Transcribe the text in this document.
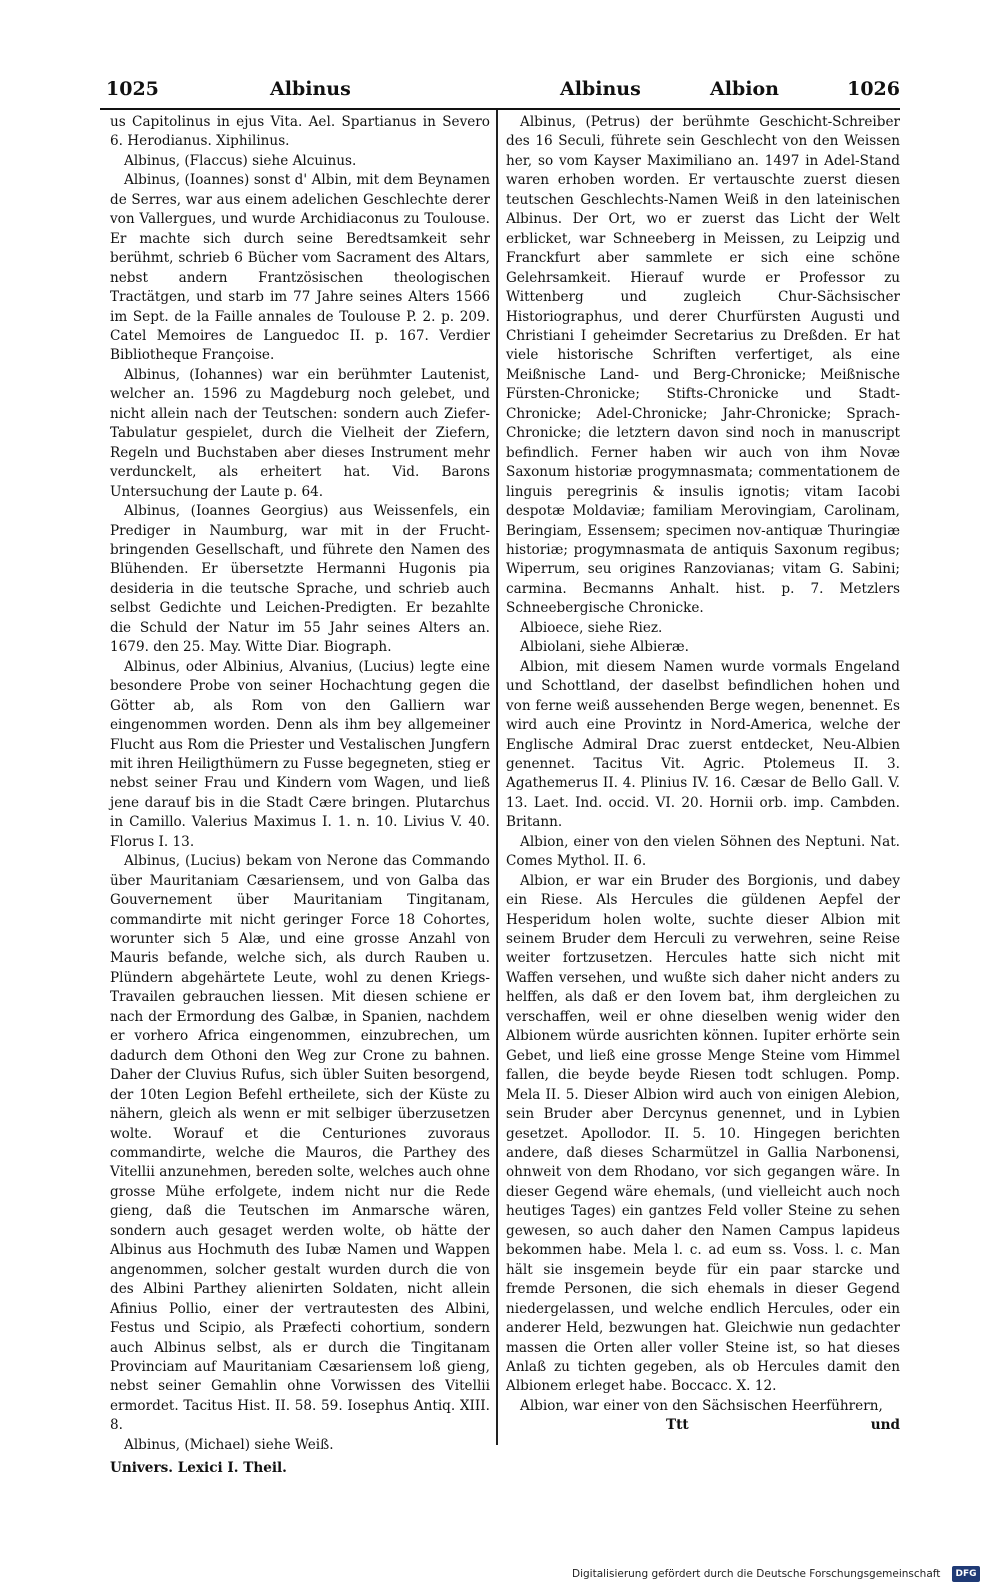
1025	Albinus	Albinus	Albion	1026

us Capitolinus in ejus Vita. Ael. Spartianus in Severo 6. Herodianus. Xiphilinus.

Albinus, (Flaccus) siehe Alcuinus.

Albinus, (Ioannes) sonst d' Albin, mit dem Beynamen de Serres, war aus einem adelichen Geschlechte derer von Vallergues, und wurde Archidiaconus zu Toulouse. Er machte sich durch seine Beredtsamkeit sehr berühmt, schrieb 6 Bücher vom Sacrament des Altars, nebst andern Frantzösischen theologischen Tractätgen, und starb im 77 Jahre seines Alters 1566 im Sept. de la Faille annales de Toulouse P. 2. p. 209. Catel Memoires de Languedoc II. p. 167. Verdier Bibliotheque Françoise.

Albinus, (Iohannes) war ein berühmter Lautenist, welcher an. 1596 zu Magdeburg noch gelebet, und nicht allein nach der Teutschen: sondern auch Ziefer-Tabulatur gespielet, durch die Vielheit der Ziefern, Regeln und Buchstaben aber dieses Instrument mehr verdunckelt, als erheitert hat. Vid. Barons Untersuchung der Laute p. 64.

Albinus, (Ioannes Georgius) aus Weissenfels, ein Prediger in Naumburg, war mit in der Frucht-bringenden Gesellschaft, und führete den Namen des Blühenden. Er übersetzte Hermanni Hugonis pia desideria in die teutsche Sprache, und schrieb auch selbst Gedichte und Leichen-Predigten. Er bezahlte die Schuld der Natur im 55 Jahr seines Alters an. 1679. den 25. May. Witte Diar. Biograph.

Albinus, oder Albinius, Alvanius, (Lucius) legte eine besondere Probe von seiner Hochachtung gegen die Götter ab, als Rom von den Galliern war eingenommen worden. Denn als ihm bey allgemeiner Flucht aus Rom die Priester und Vestalischen Jungfern mit ihren Heiligthümern zu Fusse begegneten, stieg er nebst seiner Frau und Kindern vom Wagen, und ließ jene darauf bis in die Stadt Cære bringen. Plutarchus in Camillo. Valerius Maximus I. 1. n. 10. Livius V. 40. Florus I. 13.

Albinus, (Lucius) bekam von Nerone das Commando über Mauritaniam Cæsariensem, und von Galba das Gouvernement über Mauritaniam Tingitanam, commandirte mit nicht geringer Force 18 Cohortes, worunter sich 5 Alæ, und eine grosse Anzahl von Mauris befande, welche sich, als durch Rauben u. Plündern abgehärtete Leute, wohl zu denen Kriegs-Travailen gebrauchen liessen. Mit diesen schiene er nach der Ermordung des Galbæ, in Spanien, nachdem er vorhero Africa eingenommen, einzubrechen, um dadurch dem Othoni den Weg zur Crone zu bahnen. Daher der Cluvius Rufus, sich übler Suiten besorgend, der 10ten Legion Befehl ertheilete, sich der Küste zu nähern, gleich als wenn er mit selbiger überzusetzen wolte. Worauf et die Centuriones zuvoraus commandirte, welche die Mauros, die Parthey des Vitellii anzunehmen, bereden solte, welches auch ohne grosse Mühe erfolgete, indem nicht nur die Rede gieng, daß die Teutschen im Anmarsche wären, sondern auch gesaget werden wolte, ob hätte der Albinus aus Hochmuth des Iubæ Namen und Wappen angenommen, solcher gestalt wurden durch die von des Albini Parthey alienirten Soldaten, nicht allein Afinius Pollio, einer der vertrautesten des Albini, Festus und Scipio, als Præfecti cohortium, sondern auch Albinus selbst, als er durch die Tingitanam Provinciam auf Mauritaniam Cæsariensem loß gieng, nebst seiner Gemahlin ohne Vorwissen des Vitellii ermordet. Tacitus Hist. II. 58. 59. Iosephus Antiq. XIII. 8.

Albinus, (Michael) siehe Weiß.

Univers. Lexici I. Theil.

Albinus, (Petrus) der berühmte Geschicht-Schreiber des 16 Seculi, führete sein Geschlecht von den Weissen her, so vom Kayser Maximiliano an. 1497 in Adel-Stand waren erhoben worden. Er vertauschte zuerst diesen teutschen Geschlechts-Namen Weiß in den lateinischen Albinus. Der Ort, wo er zuerst das Licht der Welt erblicket, war Schneeberg in Meissen, zu Leipzig und Franckfurt aber sammlete er sich eine schöne Gelehrsamkeit. Hierauf wurde er Professor zu Wittenberg und zugleich Chur-Sächsischer Historiographus, und derer Churfürsten Augusti und Christiani I geheimder Secretarius zu Dreßden. Er hat viele historische Schriften verfertiget, als eine Meißnische Land- und Berg-Chronicke; Meißnische Fürsten-Chronicke; Stifts-Chronicke und Stadt-Chronicke; Adel-Chronicke; Jahr-Chronicke; Sprach-Chronicke; die letztern davon sind noch in manuscript befindlich. Ferner haben wir auch von ihm Novæ Saxonum historiæ progymnasmata; commentationem de linguis peregrinis & insulis ignotis; vitam Iacobi despotæ Moldaviæ; familiam Merovingiam, Carolinam, Beringiam, Essensem; specimen nov-antiquæ Thuringiæ historiæ; progymnasmata de antiquis Saxonum regibus; Wiperrum, seu origines Ranzovianas; vitam G. Sabini; carmina. Becmanns Anhalt. hist. p. 7. Metzlers Schneebergische Chronicke.

Albioece, siehe Riez.

Albiolani, siehe Albieræ.

Albion, mit diesem Namen wurde vormals Engeland und Schottland, der daselbst befindlichen hohen und von ferne weiß aussehenden Berge wegen, benennet. Es wird auch eine Provintz in Nord-America, welche der Englische Admiral Drac zuerst entdecket, Neu-Albien genennet. Tacitus Vit. Agric. Ptolemeus II. 3. Agathemerus II. 4. Plinius IV. 16. Cæsar de Bello Gall. V. 13. Laet. Ind. occid. VI. 20. Hornii orb. imp. Cambden. Britann.

Albion, einer von den vielen Söhnen des Neptuni. Nat. Comes Mythol. II. 6.

Albion, er war ein Bruder des Borgionis, und dabey ein Riese. Als Hercules die güldenen Aepfel der Hesperidum holen wolte, suchte dieser Albion mit seinem Bruder dem Herculi zu verwehren, seine Reise weiter fortzusetzen. Hercules hatte sich nicht mit Waffen versehen, und wußte sich daher nicht anders zu helffen, als daß er den Iovem bat, ihm dergleichen zu verschaffen, weil er ohne dieselben wenig wider den Albionem würde ausrichten können. Iupiter erhörte sein Gebet, und ließ eine grosse Menge Steine vom Himmel fallen, die beyde beyde Riesen todt schlugen. Pomp. Mela II. 5. Dieser Albion wird auch von einigen Alebion, sein Bruder aber Dercynus genennet, und in Lybien gesetzet. Apollodor. II. 5. 10. Hingegen berichten andere, daß dieses Scharmützel in Gallia Narbonensi, ohnweit von dem Rhodano, vor sich gegangen wäre. In dieser Gegend wäre ehemals, (und vielleicht auch noch heutiges Tages) ein gantzes Feld voller Steine zu sehen gewesen, so auch daher den Namen Campus lapideus bekommen habe. Mela l. c. ad eum ss. Voss. l. c. Man hält sie insgemein beyde für ein paar starcke und fremde Personen, die sich ehemals in dieser Gegend niedergelassen, und welche endlich Hercules, oder ein anderer Held, bezwungen hat. Gleichwie nun gedachter massen die Orten aller voller Steine ist, so hat dieses Anlaß zu tichten gegeben, als ob Hercules damit den Albionem erleget habe. Boccacc. X. 12.

Albion, war einer von den Sächsischen Heerführern,

Ttt	und

Digitalisierung gefördert durch die Deutsche Forschungsgemeinschaft	DFG
